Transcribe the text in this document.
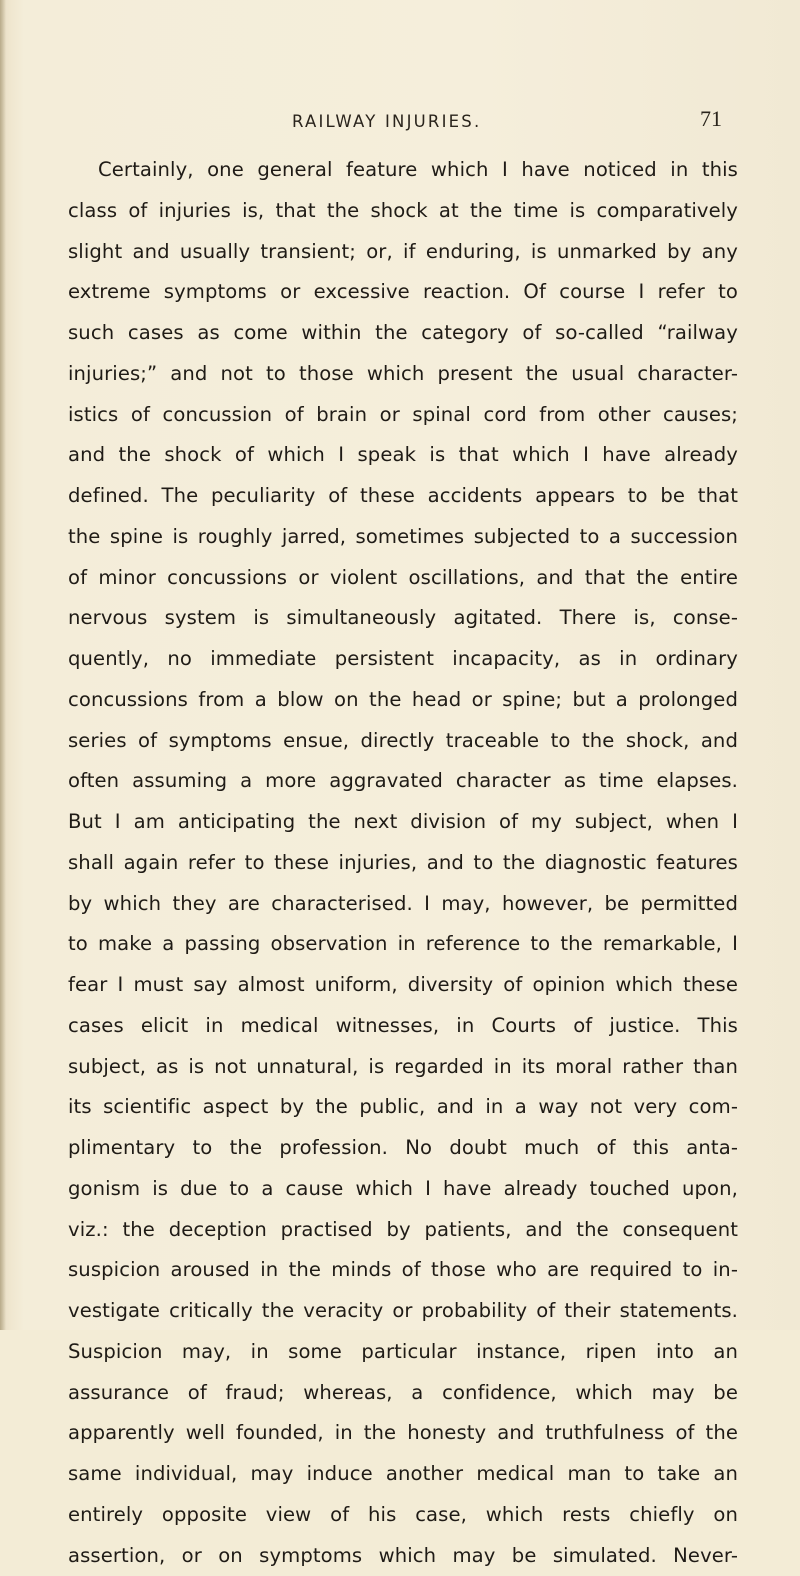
RAILWAY INJURIES.	71
Certainly, one general feature which I have noticed in this
class of injuries is, that the shock at the time is comparatively
slight and usually transient; or, if enduring, is unmarked by any
extreme symptoms or excessive reaction. Of course I refer to
such cases as come within the category of so-called “railway
injuries;” and not to those which present the usual character-
istics of concussion of brain or spinal cord from other causes;
and the shock of which I speak is that which I have already
defined. The peculiarity of these accidents appears to be that
the spine is roughly jarred, sometimes subjected to a succession
of minor concussions or violent oscillations, and that the entire
nervous system is simultaneously agitated. There is, conse-
quently, no immediate persistent incapacity, as in ordinary
concussions from a blow on the head or spine; but a prolonged
series of symptoms ensue, directly traceable to the shock, and
often assuming a more aggravated character as time elapses.
But I am anticipating the next division of my subject, when I
shall again refer to these injuries, and to the diagnostic features
by which they are characterised. I may, however, be permitted
to make a passing observation in reference to the remarkable, I
fear I must say almost uniform, diversity of opinion which these
cases elicit in medical witnesses, in Courts of justice. This
subject, as is not unnatural, is regarded in its moral rather than
its scientific aspect by the public, and in a way not very com-
plimentary to the profession. No doubt much of this anta-
gonism is due to a cause which I have already touched upon,
viz.: the deception practised by patients, and the consequent
suspicion aroused in the minds of those who are required to in-
vestigate critically the veracity or probability of their statements.
Suspicion may, in some particular instance, ripen into an
assurance of fraud; whereas, a confidence, which may be
apparently well founded, in the honesty and truthfulness of the
same individual, may induce another medical man to take an
entirely opposite view of his case, which rests chiefly on
assertion, or on symptoms which may be simulated. Never-
